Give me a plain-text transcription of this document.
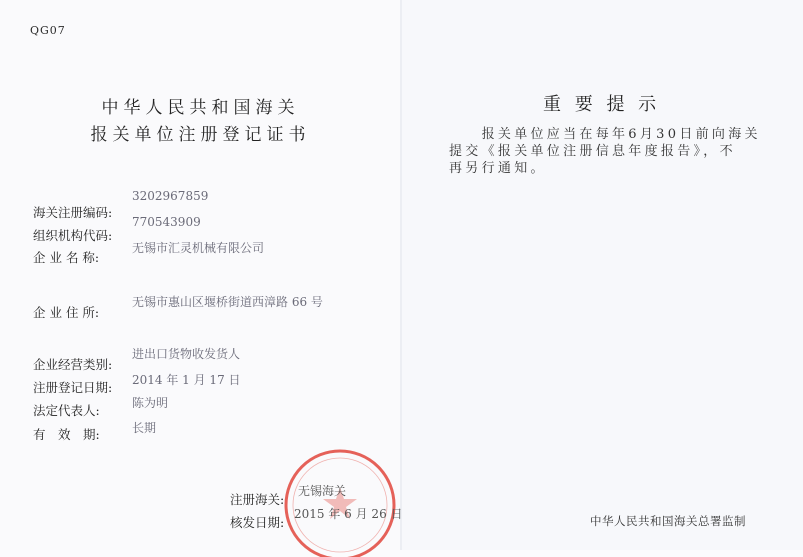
QG07
中华人民共和国海关
报关单位注册登记证书
海关注册编码:
3202967859
组织机构代码:
770543909
企 业 名 称:
无锡市汇灵机械有限公司
企 业 住 所:
无锡市惠山区堰桥街道西漳路 66 号
企业经营类别:
进出口货物收发货人
注册登记日期: 2014 年 1 月 17 日
法定代表人:	陈为明
有　效　期:	长期
注册海关:
无锡海关
核发日期:
2015 年 6 月 26 日
重 要 提 示

　　报关单位应当在每年6月30日前向海关

提交《报关单位注册信息年度报告》，不

再另行通知。

中华人民共和国海关总署监制
